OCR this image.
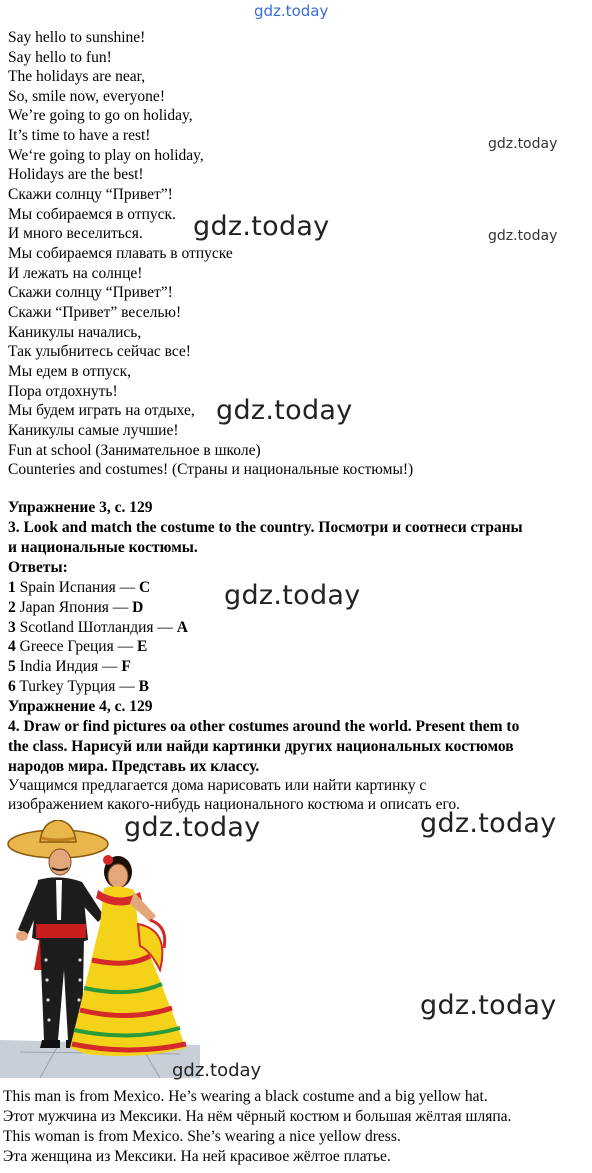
gdz.today
Say hello to sunshine!
Say hello to fun!
The holidays are near,
So, smile now, everyone!
We’re going to go on holiday,
It’s time to have a rest!
We‘re going to play on holiday,
Holidays are the best!
Скажи солнцу “Привет”!
Мы собираемся в отпуск.
И много веселиться.
Мы собираемся плавать в отпуске
И лежать на солнце!
Скажи солнцу “Привет”!
Скажи “Привет” веселью!
Каникулы начались,
Так улыбнитесь сейчас все!
Мы едем в отпуск,
Пора отдохнуть!
Мы будем играть на отдыхе,
Каникулы самые лучшие!
Fun at school (Занимательное в школе)
Counteries and costumes! (Страны и национальные костюмы!)
Упражнение 3, с. 129
3. Look and match the costume to the country. Посмотри и соотнеси страны
и национальные костюмы.
Ответы:
1 Spain Испания — C
2 Japan Япония — D
3 Scotland Шотландия — A
4 Greece Греция — E
5 India Индия — F
6 Turkey Турция — B
Упражнение 4, с. 129
4. Draw or find pictures oa other costumes around the world. Present them to
the class. Нарисуй или найди картинки других национальных костюмов
народов мира. Представь их классу.
Учащимся предлагается дома нарисовать или найти картинку с
изображением какого-нибудь национального костюма и описать его.
gdz.today
gdz.today	gdz.today
gdz.today
gdz.today
gdz.today	gdz.today
gdz.today
gdz.today
This man is from Mexico. He’s wearing a black costume and a big yellow hat.
Этот мужчина из Мексики. На нём чёрный костюм и большая жёлтая шляпа.
This woman is from Mexico. She’s wearing a nice yellow dress.
Эта женщина из Мексики. На ней красивое жёлтое платье.
